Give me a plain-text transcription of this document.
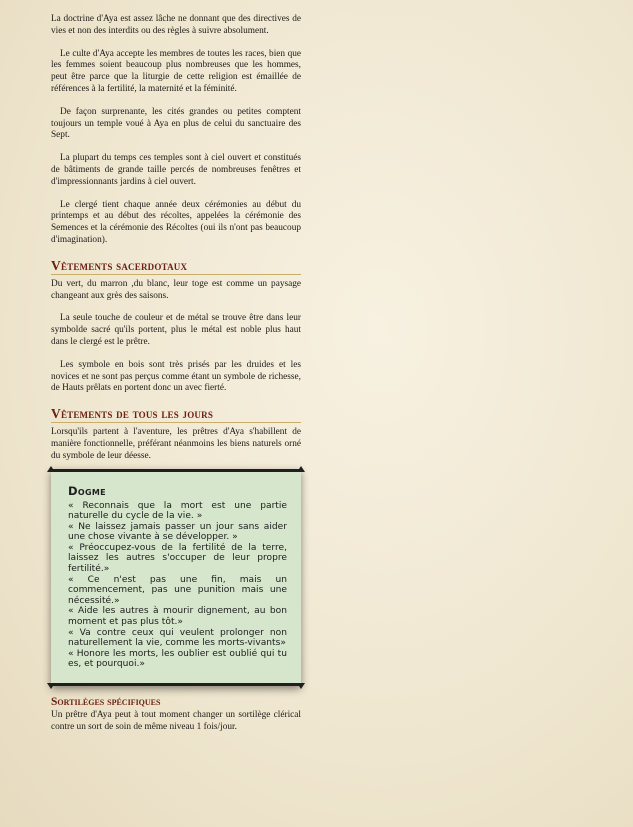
La doctrine d'Aya est assez lâche ne donnant que des directives de vies et non des interdits ou des règles à suivre absolument.

Le culte d'Aya accepte les membres de toutes les races, bien que les femmes soient beaucoup plus nombreuses que les hommes, peut être parce que la liturgie de cette religion est émaillée de références à la fertilité, la maternité et la féminité.

De façon surprenante, les cités grandes ou petites comptent toujours un temple voué à Aya en plus de celui du sanctuaire des Sept.

La plupart du temps ces temples sont à ciel ouvert et constitués de bâtiments de grande taille percés de nombreuses fenêtres et d'impressionnants jardins à ciel ouvert.

Le clergé tient chaque année deux cérémonies au début du printemps et au début des récoltes, appelées la cérémonie des Semences et la cérémonie des Récoltes (oui ils n'ont pas beaucoup d'imagination).

Vêtements sacerdotaux

Du vert, du marron ,du blanc, leur toge est comme un paysage changeant aux grès des saisons.

La seule touche de couleur et de métal se trouve être dans leur symbolde sacré qu'ils portent, plus le métal est noble plus haut dans le clergé est le prêtre.

Les symbole en bois sont très prisés par les druides et les novices et ne sont pas perçus comme étant un symbole de richesse, de Hauts prêlats en portent donc un avec fierté.

Vêtements de tous les jours

Lorsqu'ils partent à l'aventure, les prêtres d'Aya s'habillent de manière fonctionnelle, préférant néanmoins les biens naturels orné du symbole de leur déesse.

Dogme
« Reconnais que la mort est une partie naturelle du cycle de la vie. »
« Ne laissez jamais passer un jour sans aider une chose vivante à se développer. »
« Préoccupez-vous de la fertilité de la terre, laissez les autres s'occuper de leur propre fertilité.»
« Ce n'est pas une fin, mais un commencement, pas une punition mais une nécessité.»
« Aide les autres à mourir dignement, au bon moment et pas plus tôt.»
« Va contre ceux qui veulent prolonger non naturellement la vie, comme les morts-vivants»
« Honore les morts, les oublier est oublié qui tu es, et pourquoi.»
Sortilèges spécifiques

Un prêtre d'Aya peut à tout moment changer un sortilège clérical contre un sort de soin de même niveau 1 fois/jour.
